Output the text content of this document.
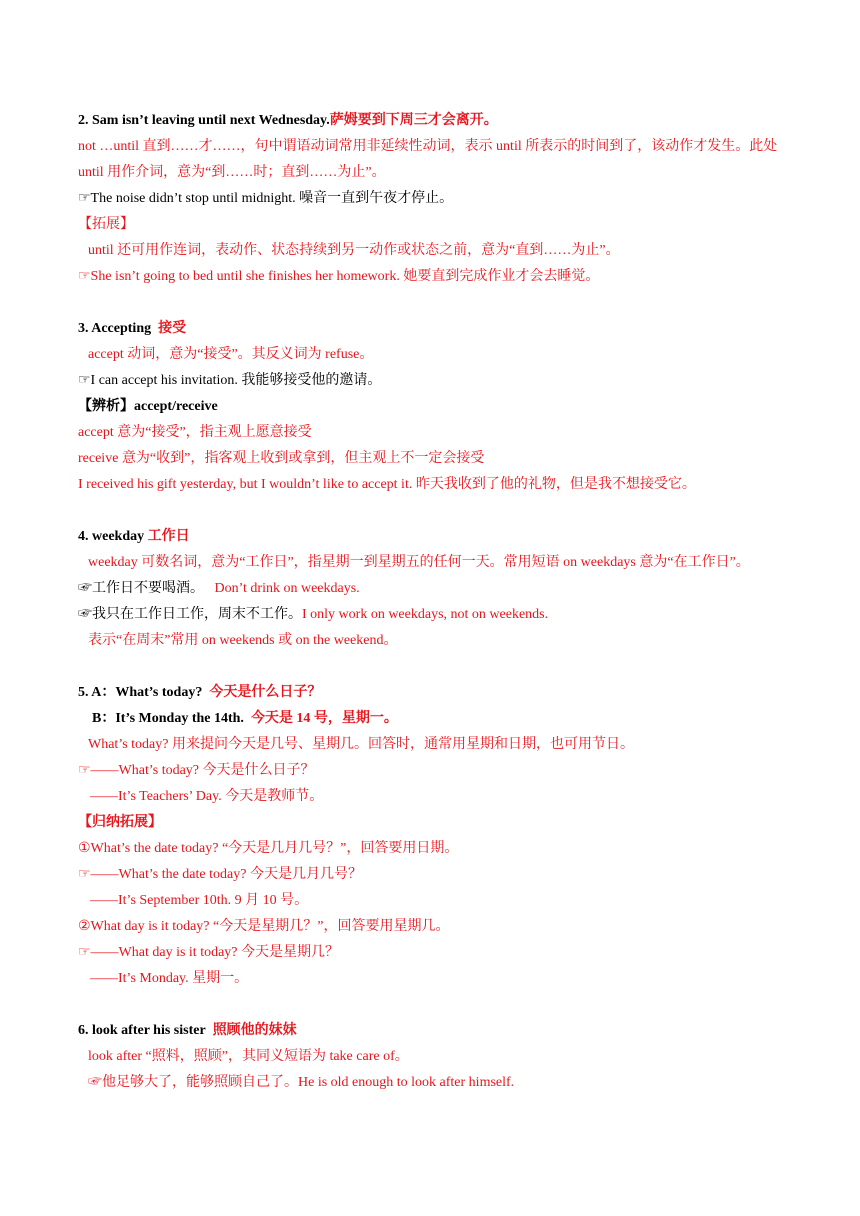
2. Sam isn’t leaving until next Wednesday.萨姆要到下周三才会离开。
not …until 直到……才……，句中谓语动词常用非延续性动词，表示 until 所表示的时间到了，该动作才发生。此处 until 用作介词，意为“到……时；直到……为止”。
☞The noise didn’t stop until midnight. 噪音一直到午夜才停止。
【拓展】
until 还可用作连词，表动作、状态持续到另一动作或状态之前，意为“直到……为止”。
☞She isn’t going to bed until she finishes her homework. 她要直到完成作业才会去睡觉。
3. Accepting 接受
accept 动词，意为“接受”。其反义词为 refuse。
☞I can accept his invitation. 我能够接受他的邀请。
【辨析】accept/receive
accept 意为“接受”，指主观上愿意接受
receive 意为“收到”，指客观上收到或拿到，但主观上不一定会接受
I received his gift yesterday, but I wouldn’t like to accept it. 昨天我收到了他的礼物，但是我不想接受它。
4. weekday 工作日
weekday 可数名词，意为“工作日”，指星期一到星期五的任何一天。常用短语 on weekdays 意为“在工作日”。
☞工作日不要喝酒。 Don’t drink on weekdays.
☞我只在工作日工作，周末不工作。I only work on weekdays, not on weekends.
表示“在周末”常用 on weekends 或 on the weekend。
5. A：What’s today? 今天是什么日子？
B：It’s Monday the 14th. 今天是 14 号，星期一。
What’s today? 用来提问今天是几号、星期几。回答时，通常用星期和日期，也可用节日。
☞——What’s today? 今天是什么日子？
——It’s Teachers’ Day. 今天是教师节。
【归纳拓展】
①What’s the date today? “今天是几月几号？”，回答要用日期。
☞——What’s the date today? 今天是几月几号？
——It’s September 10th. 9 月 10 号。
②What day is it today? “今天是星期几？”，回答要用星期几。
☞——What day is it today? 今天是星期几？
——It’s Monday. 星期一。
6. look after his sister 照顾他的妹妹
look after “照料，照顾”，其同义短语为 take care of。
☞他足够大了，能够照顾自己了。He is old enough to look after himself.
